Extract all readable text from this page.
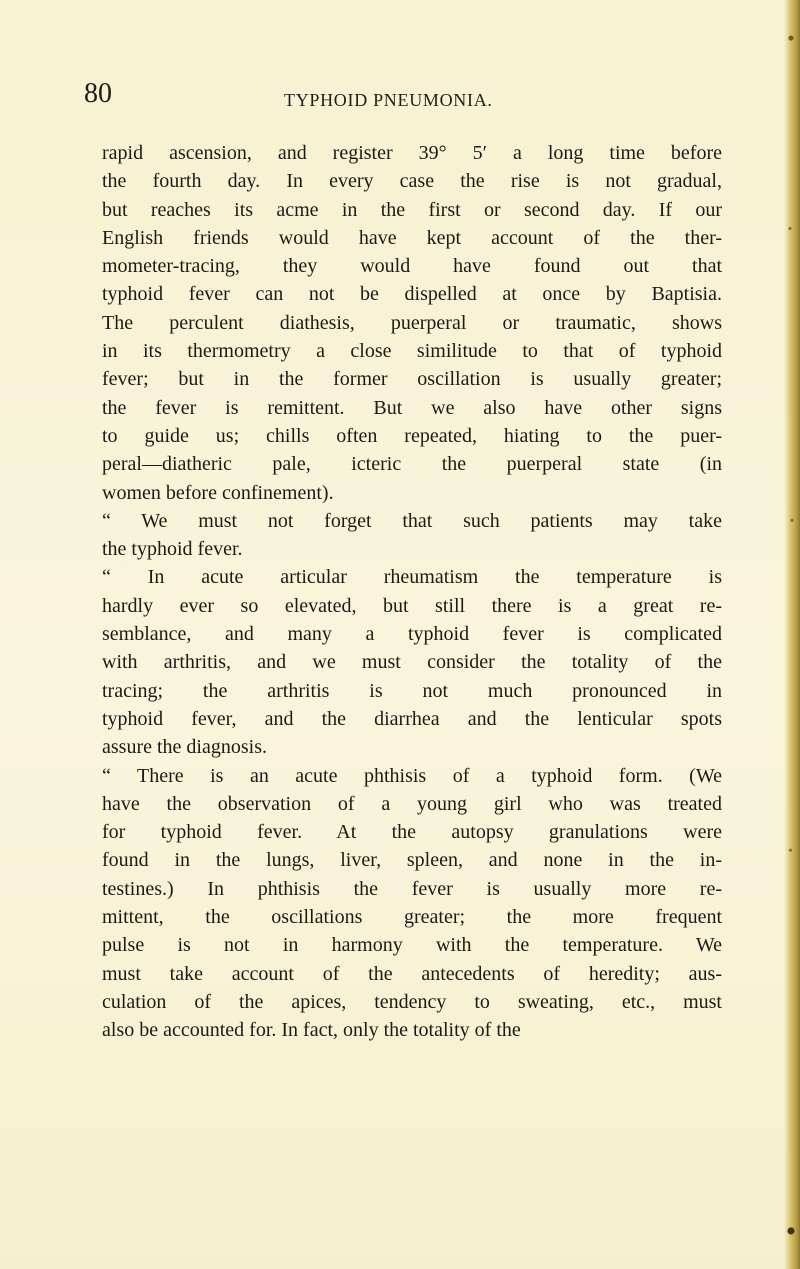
80	TYPHOID PNEUMONIA.
rapid ascension, and register 39° 5′ a long time before
the fourth day. In every case the rise is not gradual,
but reaches its acme in the first or second day. If our
English friends would have kept account of the ther-
mometer-tracing, they would have found out that
typhoid fever can not be dispelled at once by Baptisia.
The perculent diathesis, puerperal or traumatic, shows
in its thermometry a close similitude to that of typhoid
fever; but in the former oscillation is usually greater;
the fever is remittent. But we also have other signs
to guide us; chills often repeated, hiating to the puer-
peral—diatheric pale, icteric the puerperal state (in
women before confinement).
“ We must not forget that such patients may take
the typhoid fever.
“ In acute articular rheumatism the temperature is
hardly ever so elevated, but still there is a great re-
semblance, and many a typhoid fever is complicated
with arthritis, and we must consider the totality of the
tracing; the arthritis is not much pronounced in
typhoid fever, and the diarrhea and the lenticular spots
assure the diagnosis.
“ There is an acute phthisis of a typhoid form. (We
have the observation of a young girl who was treated
for typhoid fever. At the autopsy granulations were
found in the lungs, liver, spleen, and none in the in-
testines.) In phthisis the fever is usually more re-
mittent, the oscillations greater; the more frequent
pulse is not in harmony with the temperature. We
must take account of the antecedents of heredity; aus-
culation of the apices, tendency to sweating, etc., must
also be accounted for. In fact, only the totality of the
